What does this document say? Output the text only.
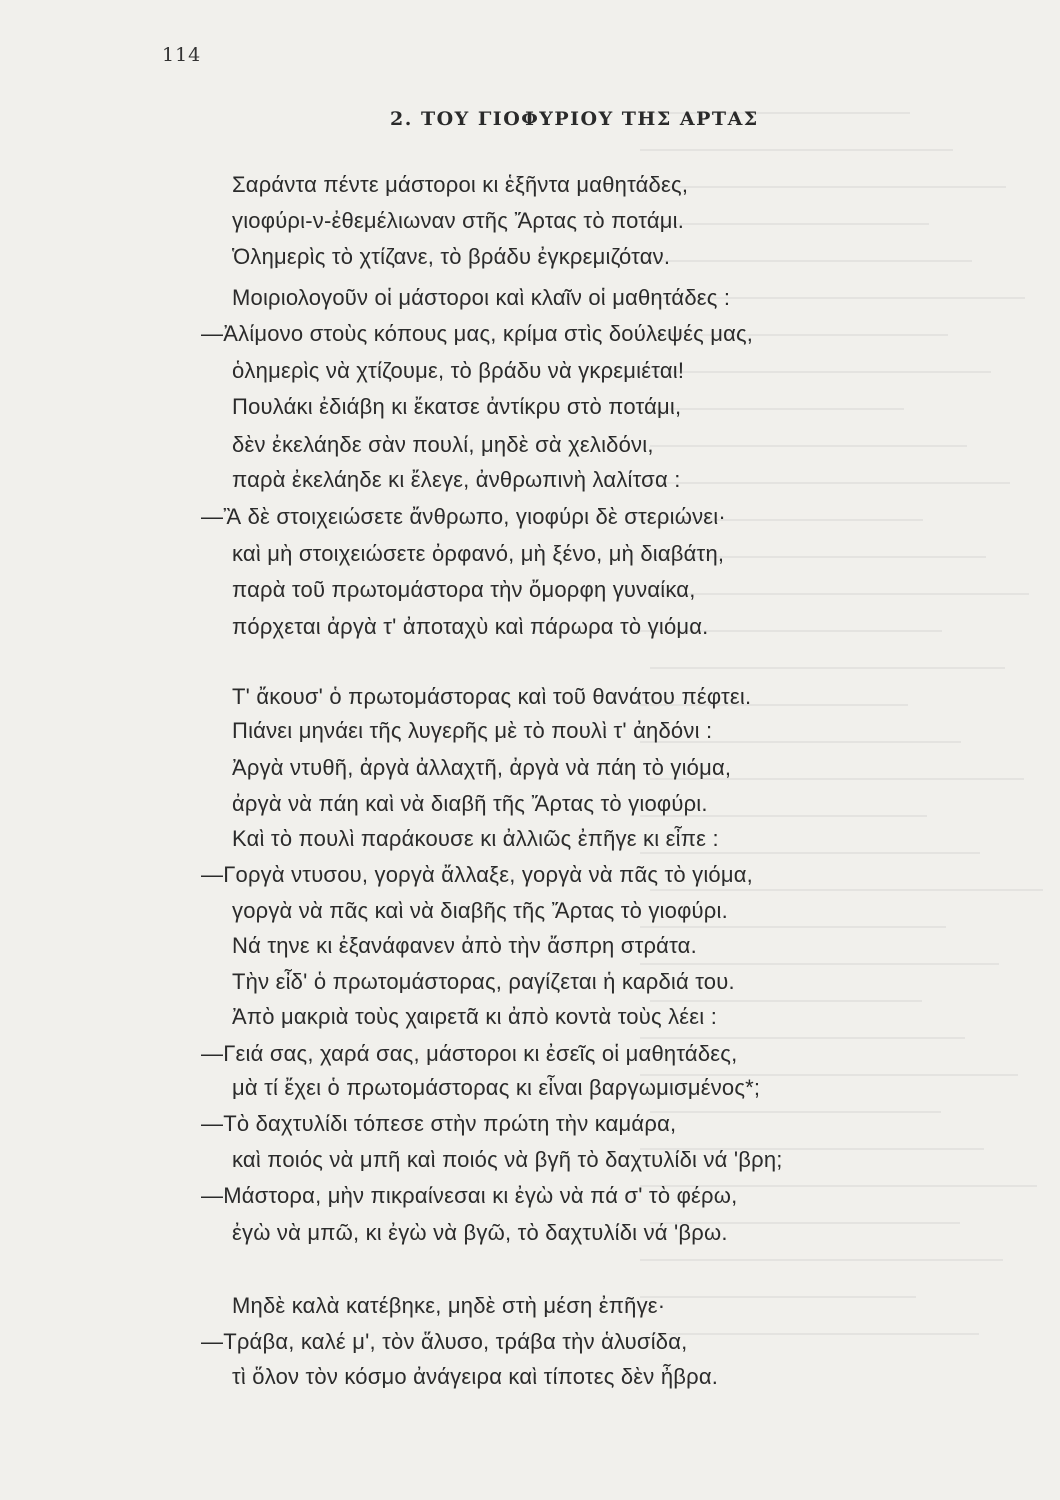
114
2. ΤΟΥ ΓΙΟΦΥΡΙΟΥ ΤΗΣ ΑΡΤΑΣ
Σαράντα πέντε μάστοροι κι ἑξῆντα μαθητάδες,
γιοφύρι-ν-ἐθεμέλιωναν στῆς Ἄρτας τὸ ποτάμι.
Ὁλημερὶς τὸ χτίζανε, τὸ βράδυ ἐγκρεμιζόταν.
Μοιριολογοῦν οἱ μάστοροι καὶ κλαῖν οἱ μαθητάδες :
—Ἀλίμονο στοὺς κόπους μας, κρίμα στὶς δούλεψές μας,
ὁλημερὶς νὰ χτίζουμε, τὸ βράδυ νὰ γκρεμιέται!
Πουλάκι ἐδιάβη κι ἔκατσε ἀντίκρυ στὸ ποτάμι,
δὲν ἐκελάηδε σὰν πουλί, μηδὲ σὰ χελιδόνι,
παρὰ ἐκελάηδε κι ἔλεγε, ἀνθρωπινὴ λαλίτσα :
—Ἂ δὲ στοιχειώσετε ἄνθρωπο, γιοφύρι δὲ στεριώνει·
καὶ μὴ στοιχειώσετε ὀρφανό, μὴ ξένο, μὴ διαβάτη,
παρὰ τοῦ πρωτομάστορα τὴν ὄμορφη γυναίκα,
πόρχεται ἀργὰ τ' ἀποταχὺ καὶ πάρωρα τὸ γιόμα.
Τ' ἄκουσ' ὁ πρωτομάστορας καὶ τοῦ θανάτου πέφτει.
Πιάνει μηνάει τῆς λυγερῆς μὲ τὸ πουλὶ τ' ἀηδόνι :
Ἀργὰ ντυθῆ, ἀργὰ ἀλλαχτῆ, ἀργὰ νὰ πάη τὸ γιόμα,
ἀργὰ νὰ πάη καὶ νὰ διαβῆ τῆς Ἄρτας τὸ γιοφύρι.
Καὶ τὸ πουλὶ παράκουσε κι ἀλλιῶς ἐπῆγε κι εἶπε :
—Γοργὰ ντυσου, γοργὰ ἄλλαξε, γοργὰ νὰ πᾶς τὸ γιόμα,
γοργὰ νὰ πᾶς καὶ νὰ διαβῆς τῆς Ἄρτας τὸ γιοφύρι.
Νά τηνε κι ἐξανάφανεν ἀπὸ τὴν ἄσπρη στράτα.
Τὴν εἶδ' ὁ πρωτομάστορας, ραγίζεται ἡ καρδιά του.
Ἀπὸ μακριὰ τοὺς χαιρετᾶ κι ἀπὸ κοντὰ τοὺς λέει :
—Γειά σας, χαρά σας, μάστοροι κι ἐσεῖς οἱ μαθητάδες,
μὰ τί ἔχει ὁ πρωτομάστορας κι εἶναι βαργωμισμένος*;
—Τὸ δαχτυλίδι τόπεσε στὴν πρώτη τὴν καμάρα,
καὶ ποιός νὰ μπῆ καὶ ποιός νὰ βγῆ τὸ δαχτυλίδι νά 'βρη;
—Μάστορα, μὴν πικραίνεσαι κι ἐγὼ νὰ πά σ' τὸ φέρω,
ἐγὼ νὰ μπῶ, κι ἐγὼ νὰ βγῶ, τὸ δαχτυλίδι νά 'βρω.
Μηδὲ καλὰ κατέβηκε, μηδὲ στὴ μέση ἐπῆγε·
—Τράβα, καλέ μ', τὸν ἅλυσο, τράβα τὴν ἁλυσίδα,
τὶ ὅλον τὸν κόσμο ἀνάγειρα καὶ τίποτες δὲν ἦβρα.
